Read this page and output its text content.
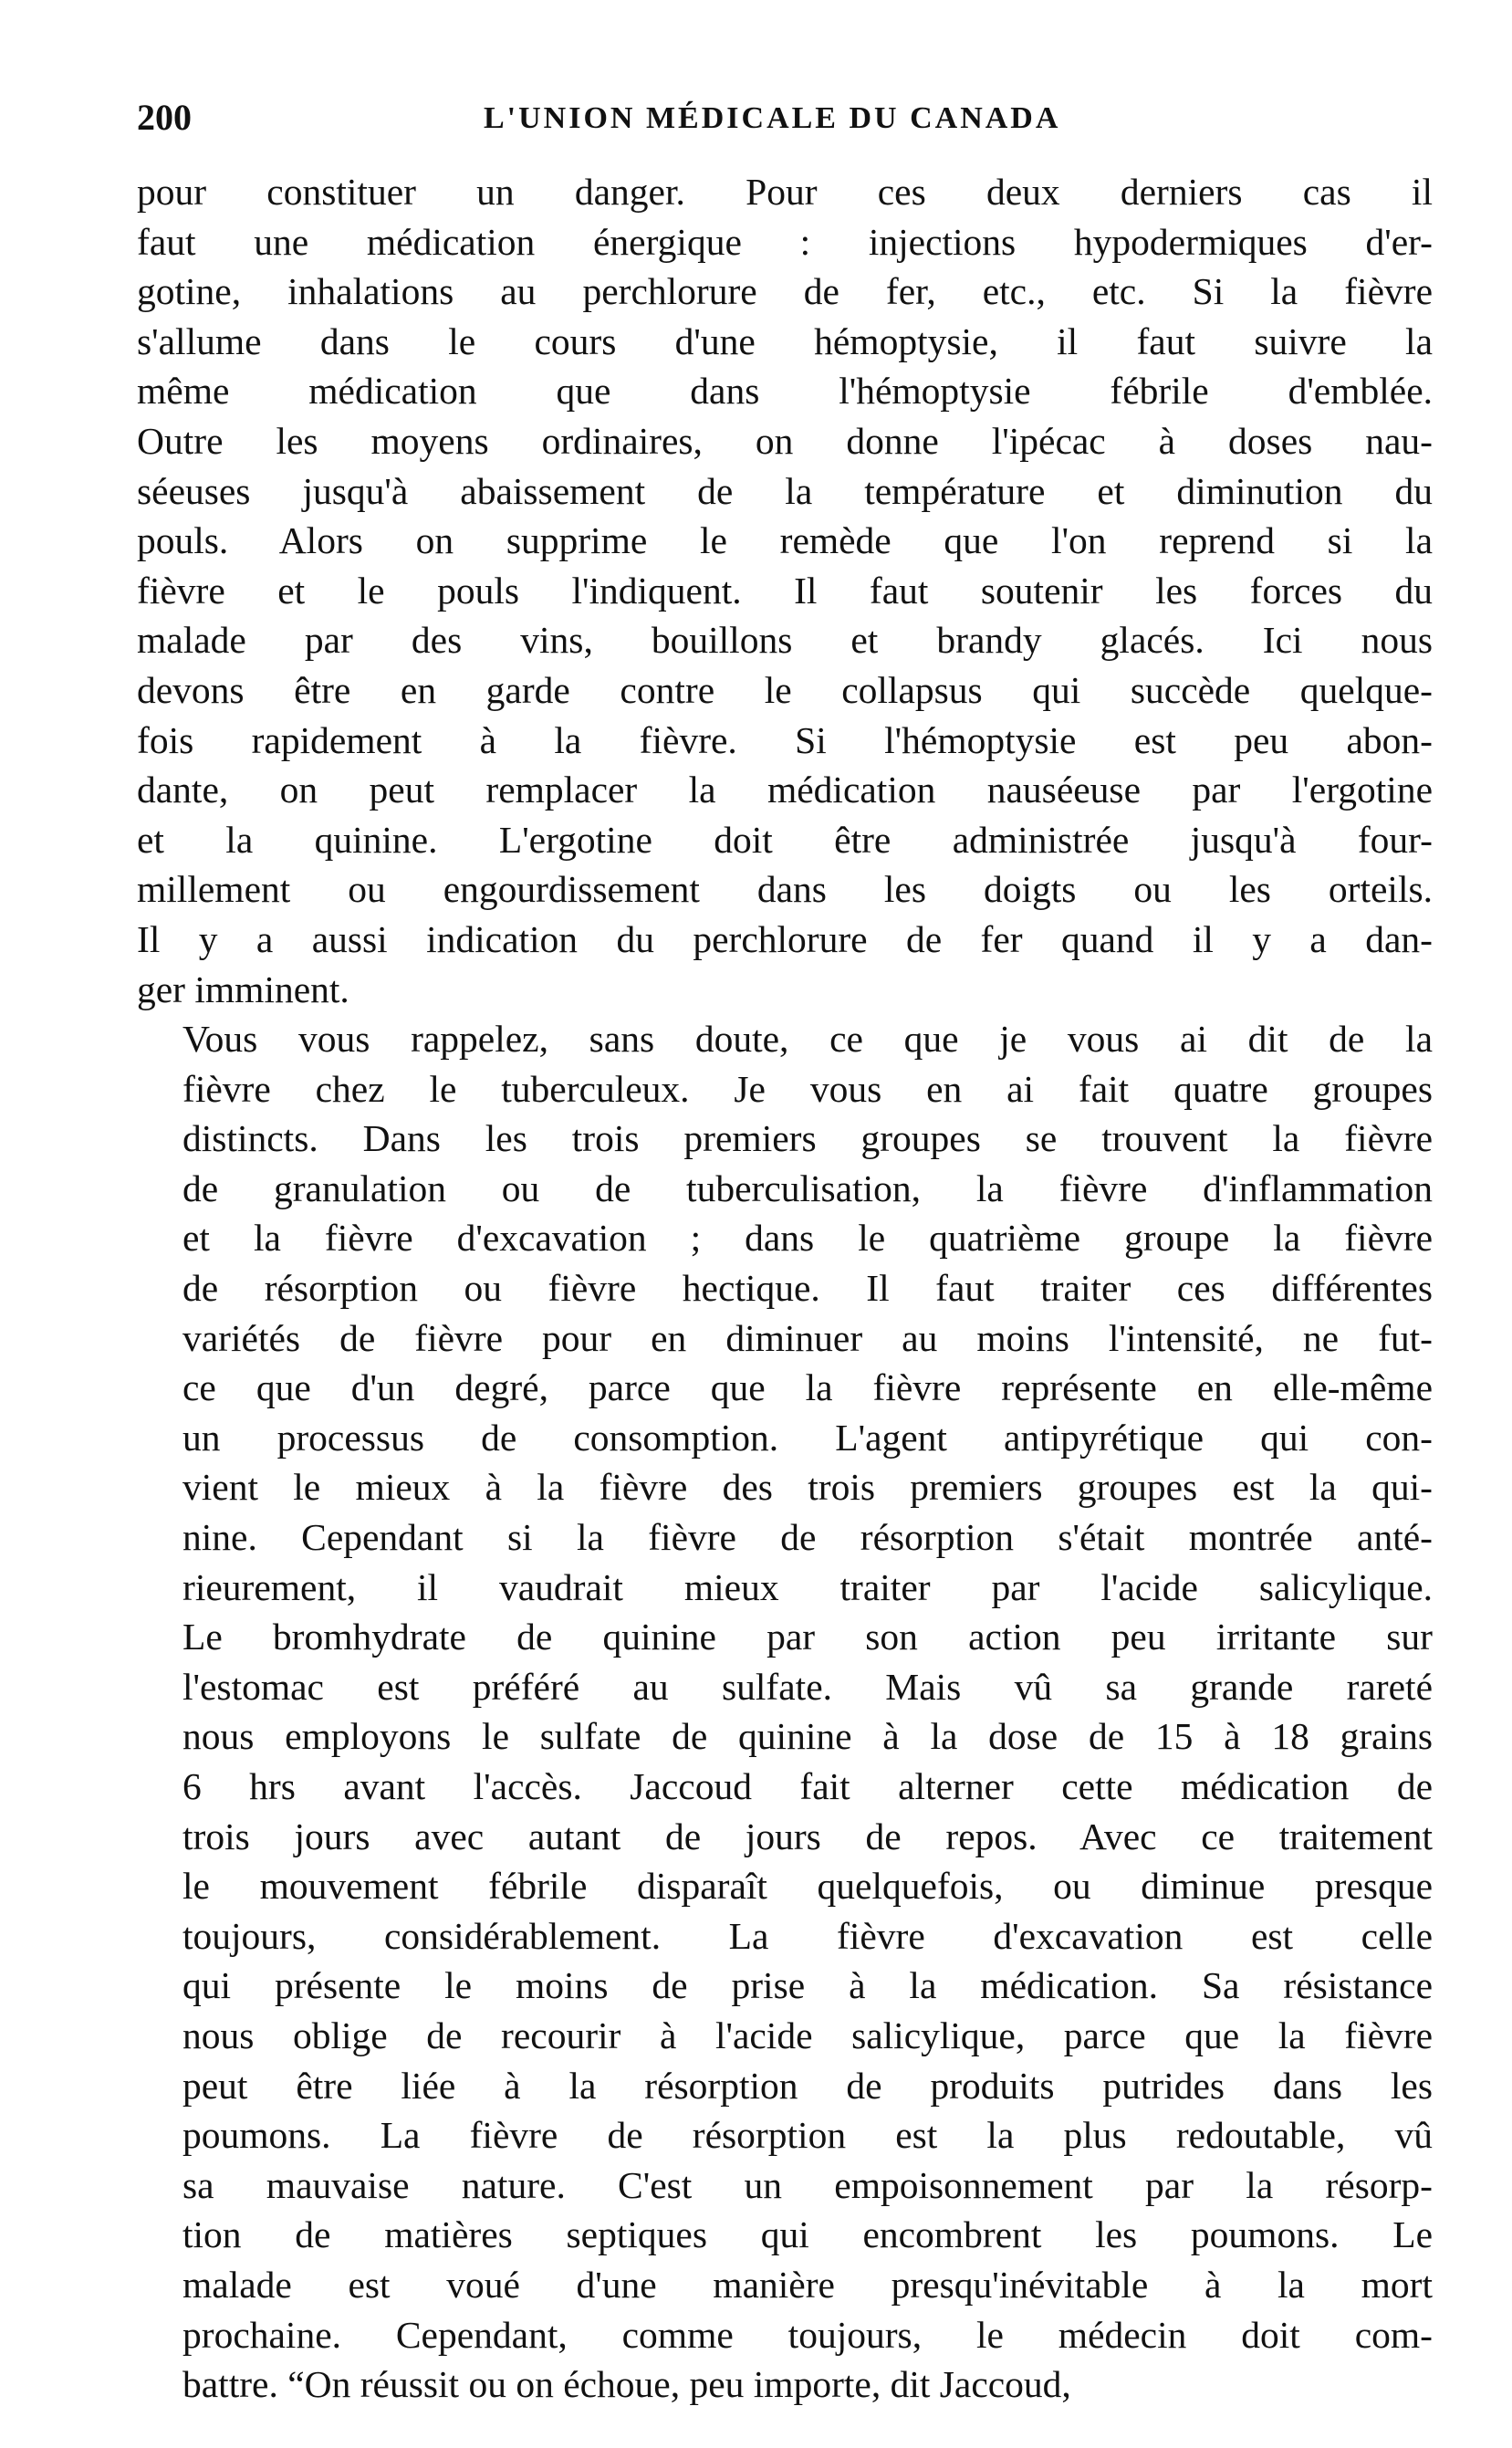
200	L'UNION MÉDICALE DU CANADA

pour constituer un danger. Pour ces deux derniers cas il
faut une médication énergique : injections hypodermiques d'er-
gotine, inhalations au perchlorure de fer, etc., etc. Si la fièvre
s'allume dans le cours d'une hémoptysie, il faut suivre la
même médication que dans l'hémoptysie fébrile d'emblée.
Outre les moyens ordinaires, on donne l'ipécac à doses nau-
séeuses jusqu'à abaissement de la température et diminution du
pouls. Alors on supprime le remède que l'on reprend si la
fièvre et le pouls l'indiquent. Il faut soutenir les forces du
malade par des vins, bouillons et brandy glacés. Ici nous
devons être en garde contre le collapsus qui succède quelque-
fois rapidement à la fièvre. Si l'hémoptysie est peu abon-
dante, on peut remplacer la médication nauséeuse par l'ergotine
et la quinine. L'ergotine doit être administrée jusqu'à four-
millement ou engourdissement dans les doigts ou les orteils.
Il y a aussi indication du perchlorure de fer quand il y a dan-
ger imminent.

Vous vous rappelez, sans doute, ce que je vous ai dit de la
fièvre chez le tuberculeux. Je vous en ai fait quatre groupes
distincts. Dans les trois premiers groupes se trouvent la fièvre
de granulation ou de tuberculisation, la fièvre d'inflammation
et la fièvre d'excavation ; dans le quatrième groupe la fièvre
de résorption ou fièvre hectique. Il faut traiter ces différentes
variétés de fièvre pour en diminuer au moins l'intensité, ne fut-
ce que d'un degré, parce que la fièvre représente en elle-même
un processus de consomption. L'agent antipyrétique qui con-
vient le mieux à la fièvre des trois premiers groupes est la qui-
nine. Cependant si la fièvre de résorption s'était montrée anté-
rieurement, il vaudrait mieux traiter par l'acide salicylique.
Le bromhydrate de quinine par son action peu irritante sur
l'estomac est préféré au sulfate. Mais vû sa grande rareté
nous employons le sulfate de quinine à la dose de 15 à 18 grains
6 hrs avant l'accès. Jaccoud fait alterner cette médication de
trois jours avec autant de jours de repos. Avec ce traitement
le mouvement fébrile disparaît quelquefois, ou diminue presque
toujours, considérablement. La fièvre d'excavation est celle
qui présente le moins de prise à la médication. Sa résistance
nous oblige de recourir à l'acide salicylique, parce que la fièvre
peut être liée à la résorption de produits putrides dans les
poumons. La fièvre de résorption est la plus redoutable, vû
sa mauvaise nature. C'est un empoisonnement par la résorp-
tion de matières septiques qui encombrent les poumons. Le
malade est voué d'une manière presqu'inévitable à la mort
prochaine. Cependant, comme toujours, le médecin doit com-
battre. “On réussit ou on échoue, peu importe, dit Jaccoud,
